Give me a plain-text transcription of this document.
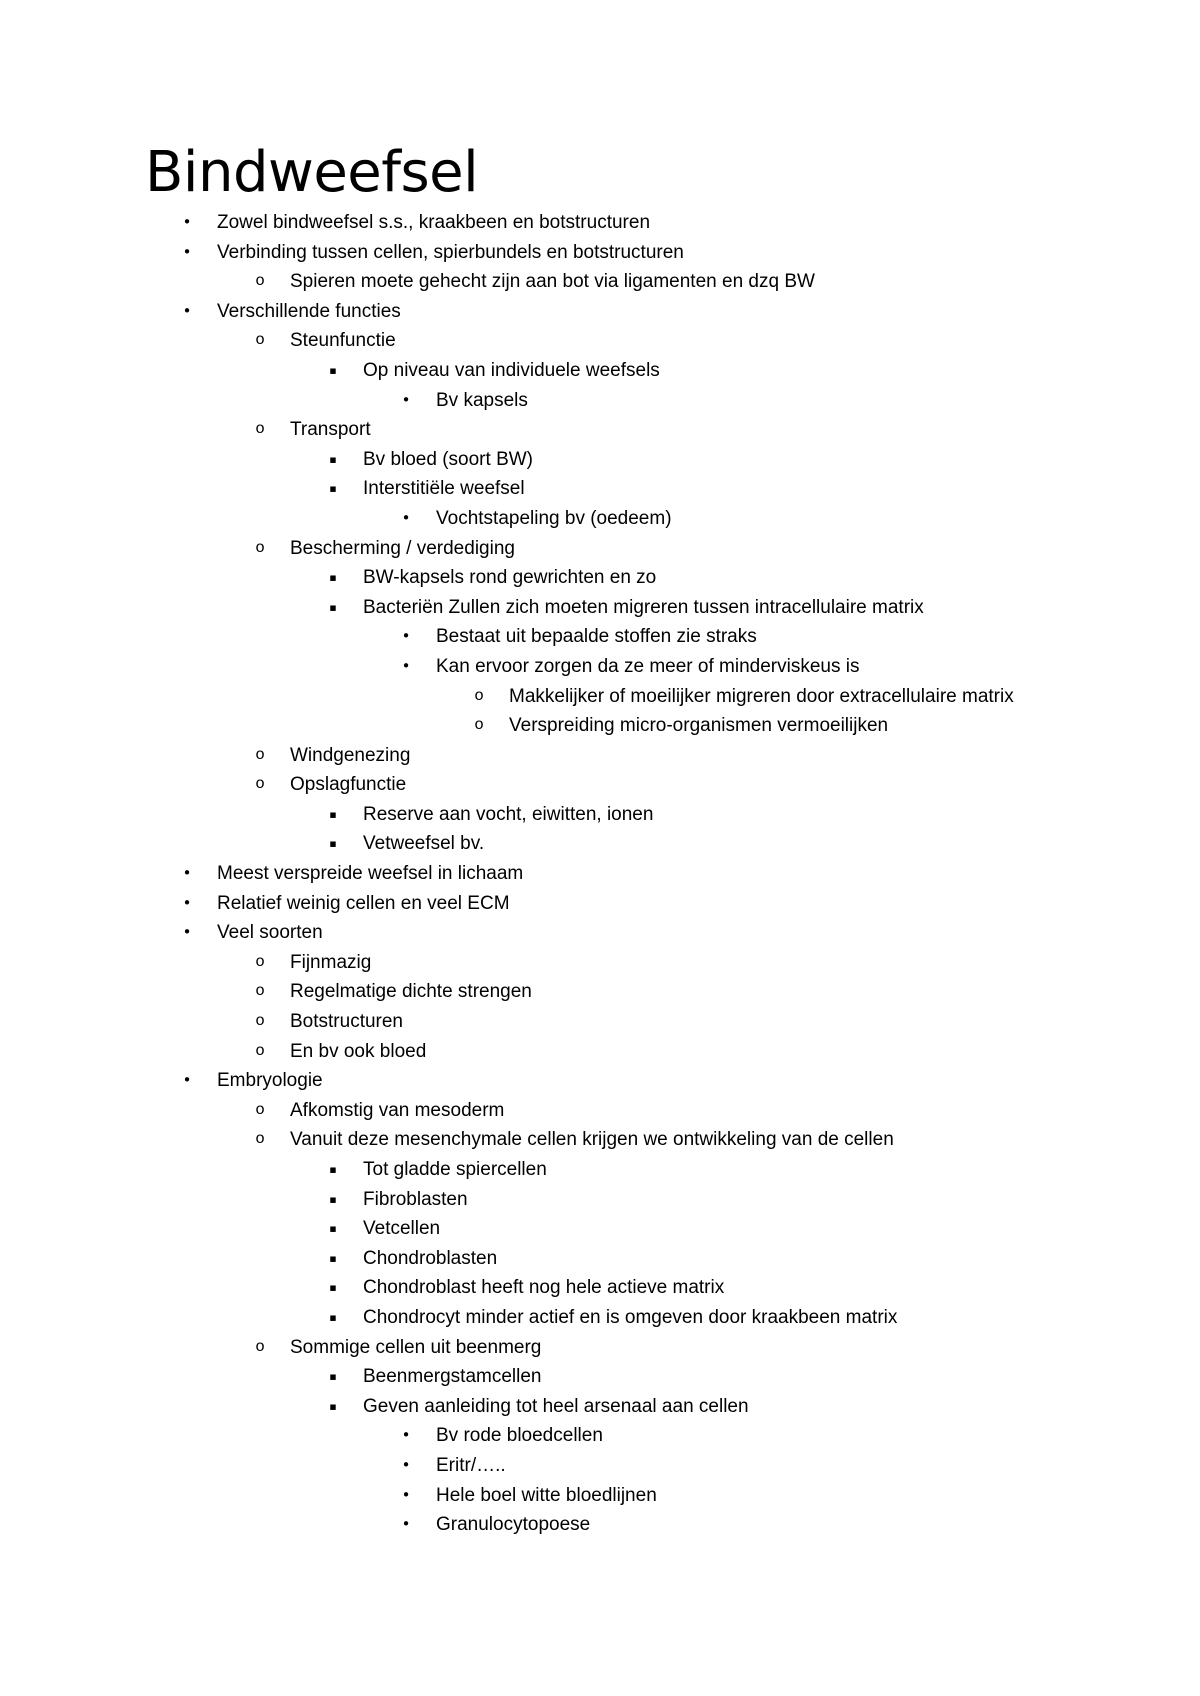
Bindweefsel
• Zowel bindweefsel s.s., kraakbeen en botstructuren
• Verbinding tussen cellen, spierbundels en botstructuren
o Spieren moete gehecht zijn aan bot via ligamenten en dzq BW
• Verschillende functies
o Steunfunctie
▪	Op niveau van individuele weefsels
• Bv kapsels
o Transport
▪	Bv bloed (soort BW)
▪	Interstitiële weefsel
• Vochtstapeling bv (oedeem)
o Bescherming / verdediging
▪	BW-kapsels rond gewrichten en zo
▪	Bacteriën Zullen zich moeten migreren tussen intracellulaire matrix
• Bestaat uit bepaalde stoffen zie straks
• Kan ervoor zorgen da ze meer of minderviskeus is
o Makkelijker of moeilijker migreren door extracellulaire matrix
o Verspreiding micro-organismen vermoeilijken
o Windgenezing
o Opslagfunctie
▪	Reserve aan vocht, eiwitten, ionen
▪	Vetweefsel bv.
• Meest verspreide weefsel in lichaam
• Relatief weinig cellen en veel ECM
• Veel soorten
o Fijnmazig
o Regelmatige dichte strengen
o Botstructuren
o En bv ook bloed
• Embryologie
o Afkomstig van mesoderm
o Vanuit deze mesenchymale cellen krijgen we ontwikkeling van de cellen
▪	Tot gladde spiercellen
▪	Fibroblasten
▪	Vetcellen
▪	Chondroblasten
▪	Chondroblast heeft nog hele actieve matrix
▪	Chondrocyt minder actief en is omgeven door kraakbeen matrix
o Sommige cellen uit beenmerg
▪	Beenmergstamcellen
▪	Geven aanleiding tot heel arsenaal aan cellen
• Bv rode bloedcellen
• Eritr/…..
• Hele boel witte bloedlijnen
• Granulocytopoese
